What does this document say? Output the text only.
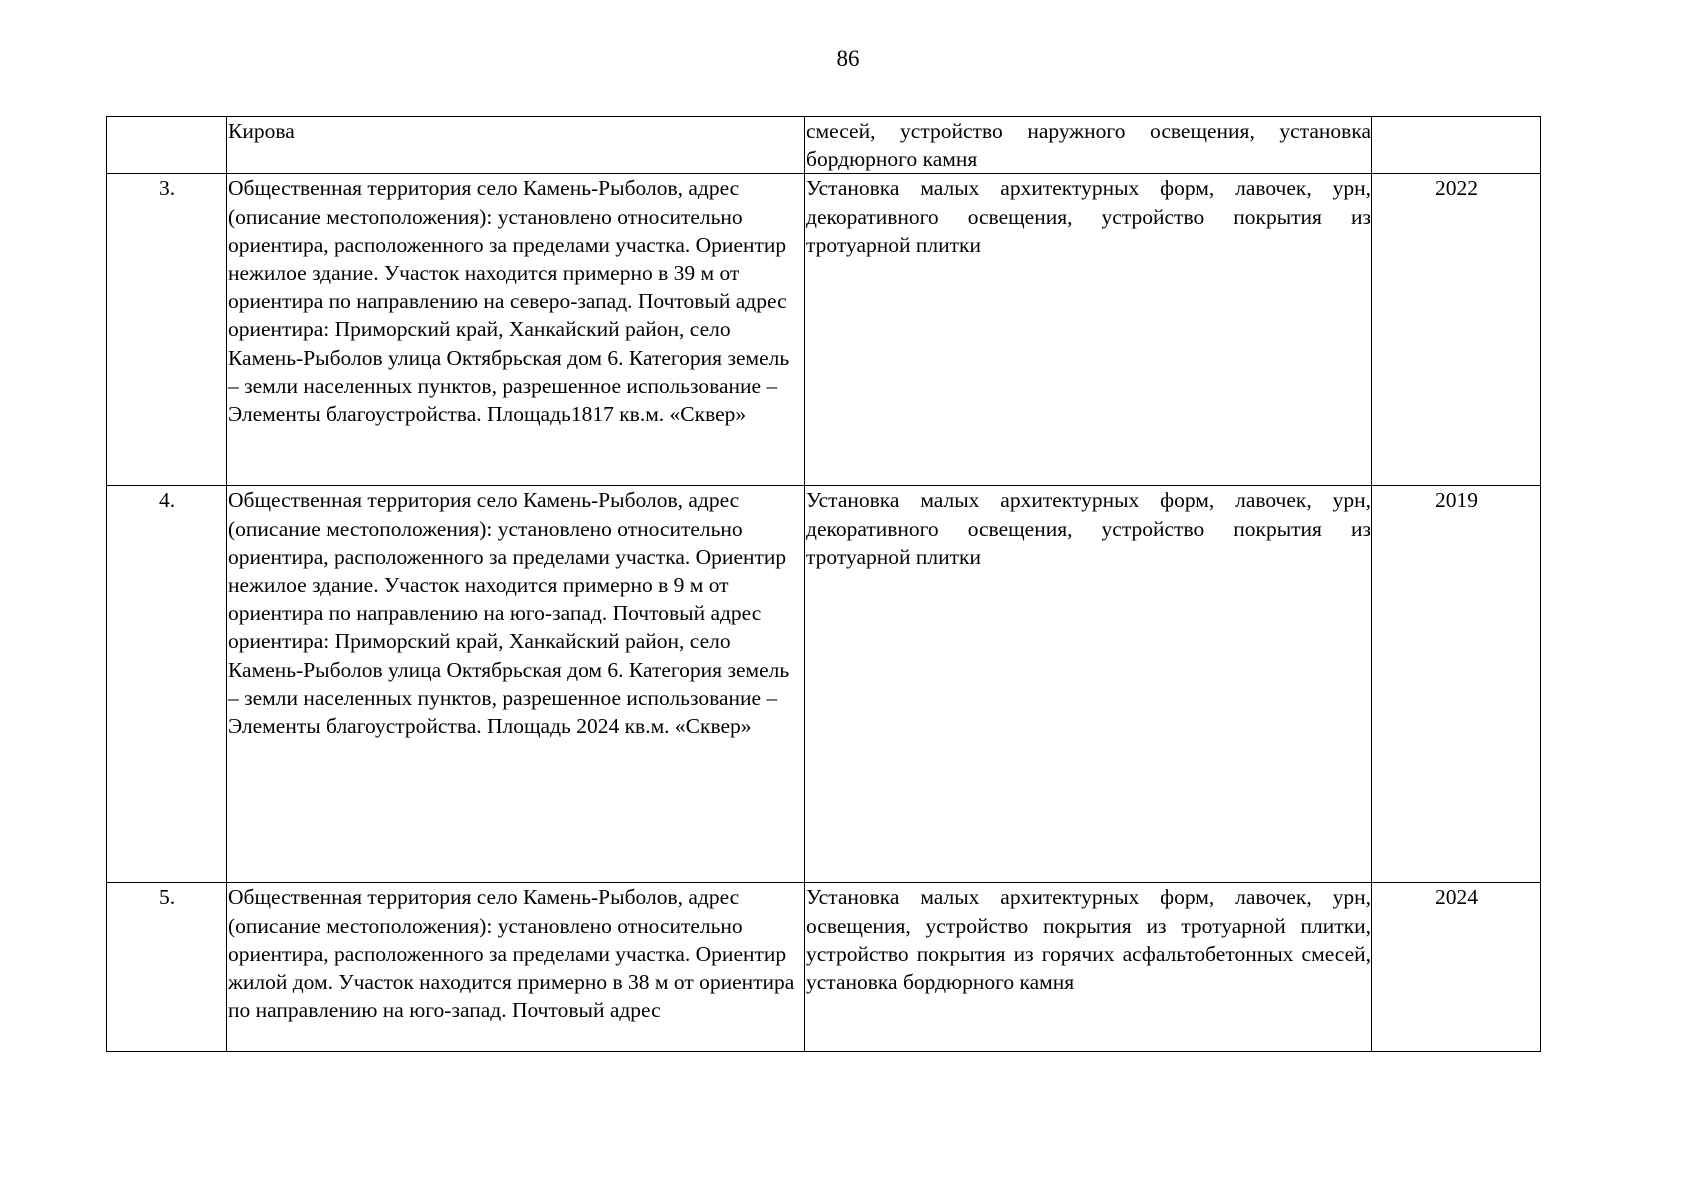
86
	Кирова	смесей, устройство наружного освещения, установка бордюрного камня	
3.	Общественная территория село Камень-Рыболов, адрес (описание местоположения): установлено относительно ориентира, расположенного за пределами участка. Ориентир нежилое здание. Участок находится примерно в 39 м от ориентира по направлению на северо-запад. Почтовый адрес ориентира: Приморский край, Ханкайский район, село Камень-Рыболов улица Октябрьская дом 6. Категория земель – земли населенных пунктов, разрешенное использование – Элементы благоустройства. Площадь1817 кв.м. «Сквер»	Установка малых архитектурных форм, лавочек, урн, декоративного освещения, устройство покрытия из тротуарной плитки	2022
4.	Общественная территория село Камень-Рыболов, адрес (описание местоположения): установлено относительно ориентира, расположенного за пределами участка. Ориентир нежилое здание. Участок находится примерно в 9 м от ориентира по направлению на юго-запад. Почтовый адрес ориентира: Приморский край, Ханкайский район, село Камень-Рыболов улица Октябрьская дом 6. Категория земель – земли населенных пунктов, разрешенное использование – Элементы благоустройства. Площадь 2024 кв.м. «Сквер»	Установка малых архитектурных форм, лавочек, урн, декоративного освещения, устройство покрытия из тротуарной плитки	2019
5.	Общественная территория село Камень-Рыболов, адрес (описание местоположения): установлено относительно ориентира, расположенного за пределами участка. Ориентир жилой дом. Участок находится примерно в 38 м от ориентира по направлению на юго-запад. Почтовый адрес	Установка малых архитектурных форм, лавочек, урн, освещения, устройство покрытия из тротуарной плитки, устройство покрытия из горячих асфальтобетонных смесей, установка бордюрного камня	2024
